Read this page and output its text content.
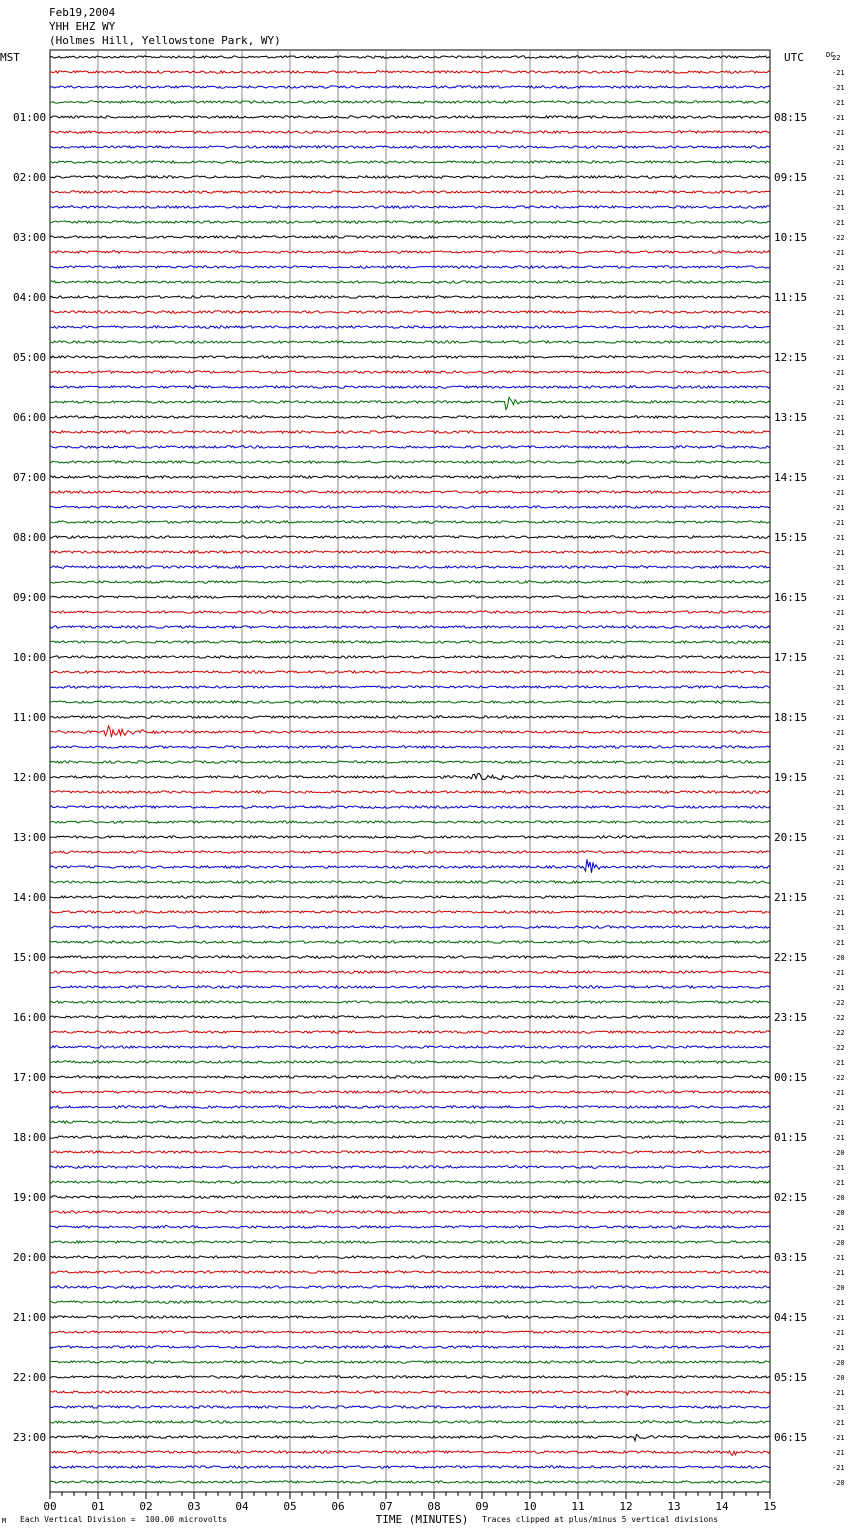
Feb19,2004
YHH EHZ WY
(Holmes Hill, Yellowstone Park, WY)
00	01	02	03	04	05	06	07	08	09	10	11	12	13	14	15
MST	UTC	DC
TIME (MINUTES)
22
-21
-21
-21
-21
01:00	08:15
-21
-21
-21
-21
02:00	09:15
-21
-21
-21
-22
03:00	10:15
-21
-21
-21
-21
04:00	11:15
-21
-21
-21
-21
05:00	12:15
-21
-21
-21
-21
06:00	13:15
-21
-21
-21
-21
07:00	14:15
-21
-21
-21
-21
08:00	15:15
-21
-21
-21
-21
09:00	16:15
-21
-21
-21
-21
10:00	17:15
-21
-21
-21
-21
11:00	18:15
-21
-21
-21
-21
12:00	19:15
-21
-21
-21
-21
13:00	20:15
-21
-21
-21
-21
14:00	21:15
-21
-21
-21
-20
15:00	22:15
-21
-21
-22
-22
16:00	23:15
-22
-22
-21
-22
17:00	00:15
-21
-21
-21
-21
18:00	01:15
-20
-21
-21
-20
19:00	02:15
-20
-21
-20
-21
20:00	03:15
-21
-20
-21
-21
21:00	04:15
-21
-21
-20
-20
22:00	05:15
-21
-21
-21
-21
23:00	06:15
-21
-21
-20
Each Vertical Division =  100.00 microvolts	Traces clipped at plus/minus 5 vertical divisions
M
